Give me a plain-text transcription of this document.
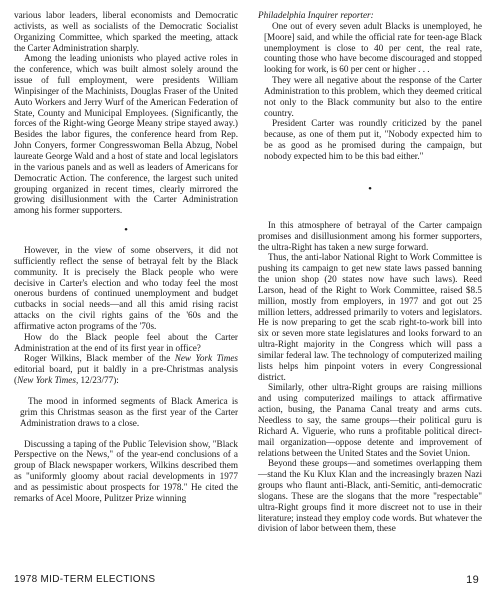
various labor leaders, liberal economists and Democratic activists, as well as socialists of the Democratic Socialist Organizing Committee, which sparked the meeting, attack the Carter Administration sharply.

Among the leading unionists who played active roles in the conference, which was built almost solely around the issue of full employment, were presidents William Winpisinger of the Machinists, Douglas Fraser of the United Auto Workers and Jerry Wurf of the American Federation of State, County and Municipal Employees. (Significantly, the forces of the Right-wing George Meany stripe stayed away.) Besides the labor figures, the conference heard from Rep. John Conyers, former Congresswoman Bella Abzug, Nobel laureate George Wald and a host of state and local legislators in the various panels and as well as leaders of Americans for Democratic Action. The conference, the largest such united grouping organized in recent times, clearly mirrored the growing disillusionment with the Carter Administration among his former supporters.

•

However, in the view of some observers, it did not sufficiently reflect the sense of betrayal felt by the Black community. It is precisely the Black people who were decisive in Carter's election and who today feel the most onerous burdens of continued unemployment and budget cutbacks in social needs—and all this amid rising racist attacks on the civil rights gains of the '60s and the affirmative acton programs of the '70s.

How do the Black people feel about the Carter Administration at the end of its first year in office?

Roger Wilkins, Black member of the New York Times editorial board, put it baldly in a pre-Christmas analysis (New York Times, 12/23/77):

The mood in informed segments of Black America is grim this Christmas season as the first year of the Carter Administration draws to a close.

Discussing a taping of the Public Television show, "Black Perspective on the News," of the year-end conclusions of a group of Black newspaper workers, Wilkins described them as "uniformly gloomy about racial developments in 1977 and as pessimistic about prospects for 1978." He cited the remarks of Acel Moore, Pulitzer Prize winning

Philadelphia Inquirer reporter:

One out of every seven adult Blacks is unemployed, he [Moore] said, and while the official rate for teen-age Black unemployment is close to 40 per cent, the real rate, counting those who have become discouraged and stopped looking for work, is 60 per cent or higher . . .

They were all negative about the response of the Carter Administration to this problem, which they deemed critical not only to the Black community but also to the entire country.

President Carter was roundly criticized by the panel because, as one of them put it, "Nobody expected him to be as good as he promised during the campaign, but nobody expected him to be this bad either."

•

In this atmosphere of betrayal of the Carter campaign promises and disillusionment among his former supporters, the ultra-Right has taken a new surge forward.

Thus, the anti-labor National Right to Work Committee is pushing its campaign to get new state laws passed banning the union shop (20 states now have such laws). Reed Larson, head of the Right to Work Committee, raised $8.5 million, mostly from employers, in 1977 and got out 25 million letters, addressed primarily to voters and legislators. He is now preparing to get the scab right-to-work bill into six or seven more state legislatures and looks forward to an ultra-Right majority in the Congress which will pass a similar federal law. The technology of computerized mailing lists helps him pinpoint voters in every Congressional district.

Similarly, other ultra-Right groups are raising millions and using computerized mailings to attack affirmative action, busing, the Panama Canal treaty and arms cuts. Needless to say, the same groups—their political guru is Richard A. Viguerie, who runs a profitable political direct-mail organization—oppose detente and improvement of relations between the United States and the Soviet Union.

Beyond these groups—and sometimes overlapping them—stand the Ku Klux Klan and the increasingly brazen Nazi groups who flaunt anti-Black, anti-Semitic, anti-democratic slogans. These are the slogans that the more "respectable" ultra-Right groups find it more discreet not to use in their literature; instead they employ code words. But whatever the division of labor between them, these

1978 MID-TERM ELECTIONS	19
